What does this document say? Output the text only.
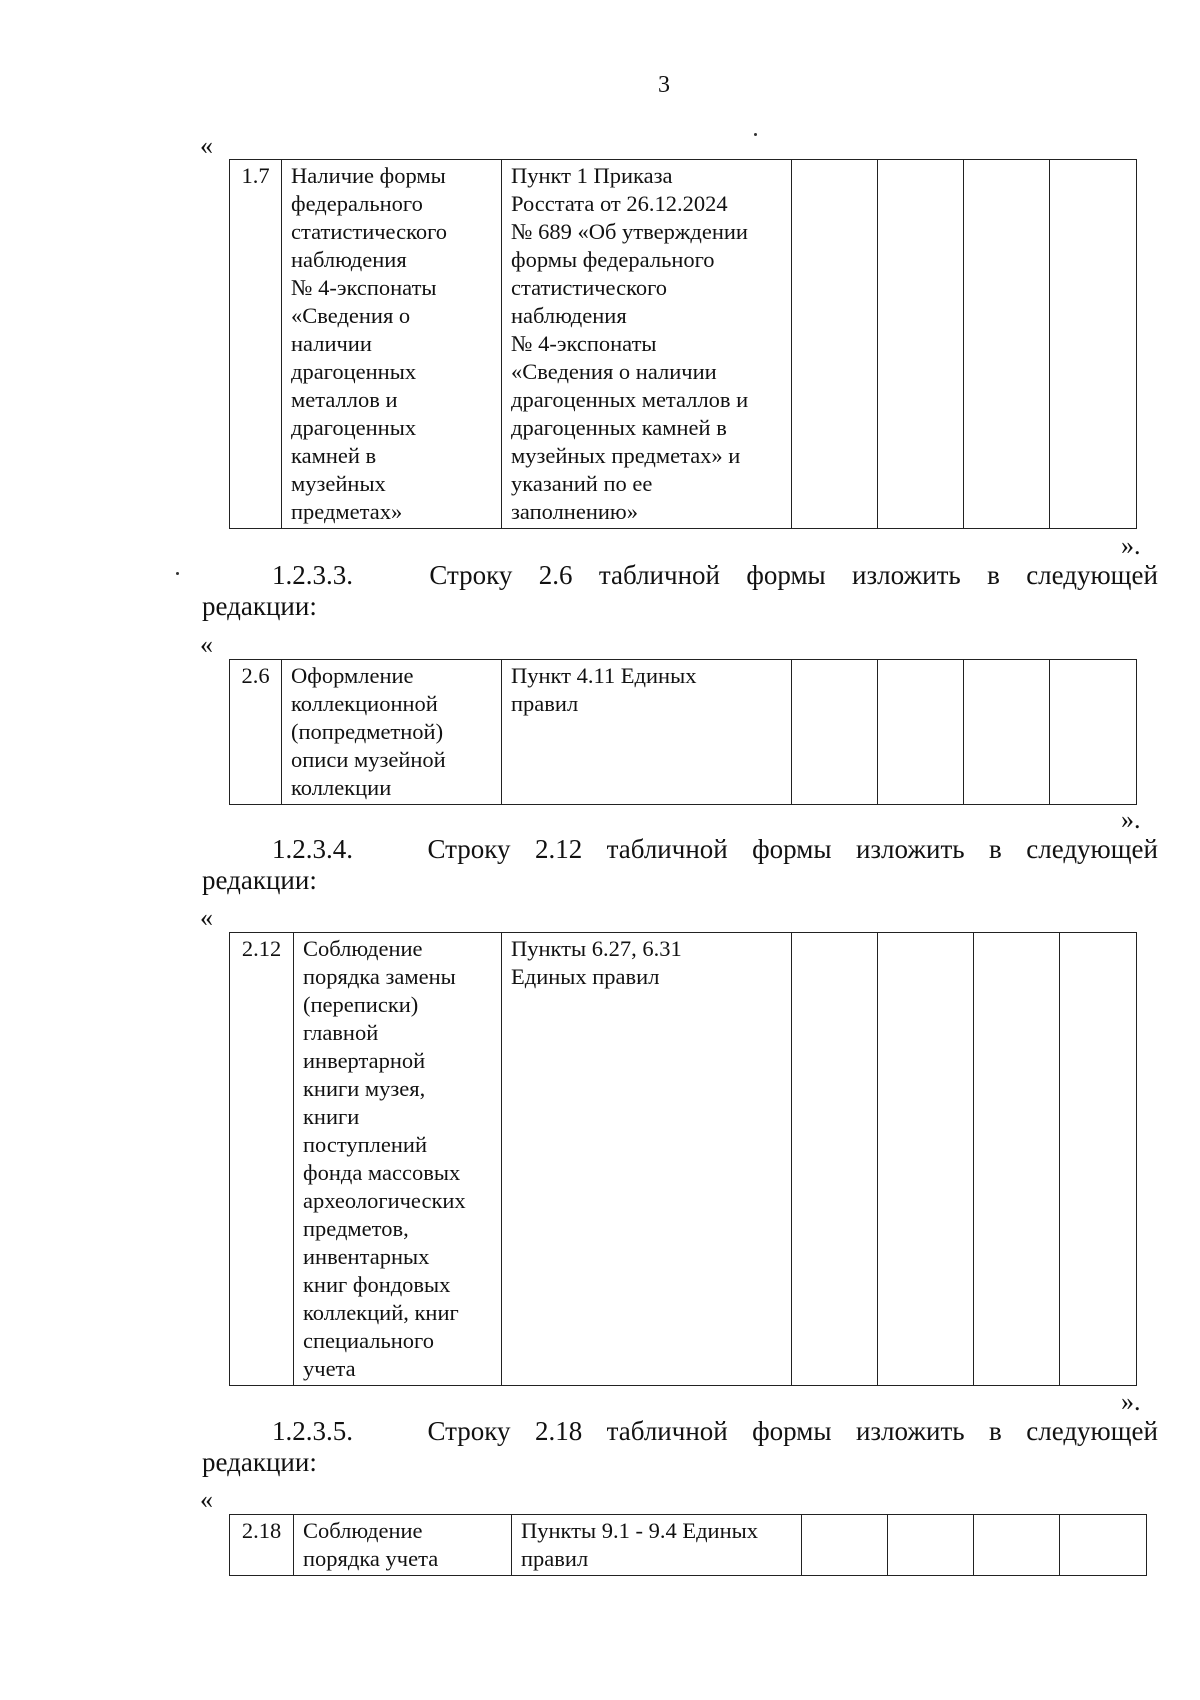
3
«
1.7	Наличие формы
федерального
статистического
наблюдения
№ 4-экспонаты
«Сведения о
наличии
драгоценных
металлов и
драгоценных
камней в
музейных
предметах»

Пункт 1 Приказа
Росстата от 26.12.2024
№ 689 «Об утверждении
формы федерального
статистического
наблюдения
№ 4-экспонаты
«Сведения о наличии
драгоценных металлов и
драгоценных камней в
музейных предметах» и
указаний по ее
заполнению»

».
1.2.3.3.	Строку 2.6 табличной формы изложить в следующей
редакции:
«
2.6	Оформление
коллекционной
(попредметной)
описи музейной
коллекции

Пункт 4.11 Единых
правил

».
1.2.3.4.	Строку 2.12 табличной формы изложить в следующей
редакции:
«
2.12	Соблюдение
порядка замены
(переписки)
главной
инвертарной
книги музея,
книги
поступлений
фонда массовых
археологических
предметов,
инвентарных
книг фондовых
коллекций, книг
специального
учета

Пункты 6.27, 6.31
Единых правил

».
1.2.3.5.	Строку 2.18 табличной формы изложить в следующей
редакции:
«
2.18	Соблюдение
порядка учета

Пункты 9.1 - 9.4 Единых
правил
